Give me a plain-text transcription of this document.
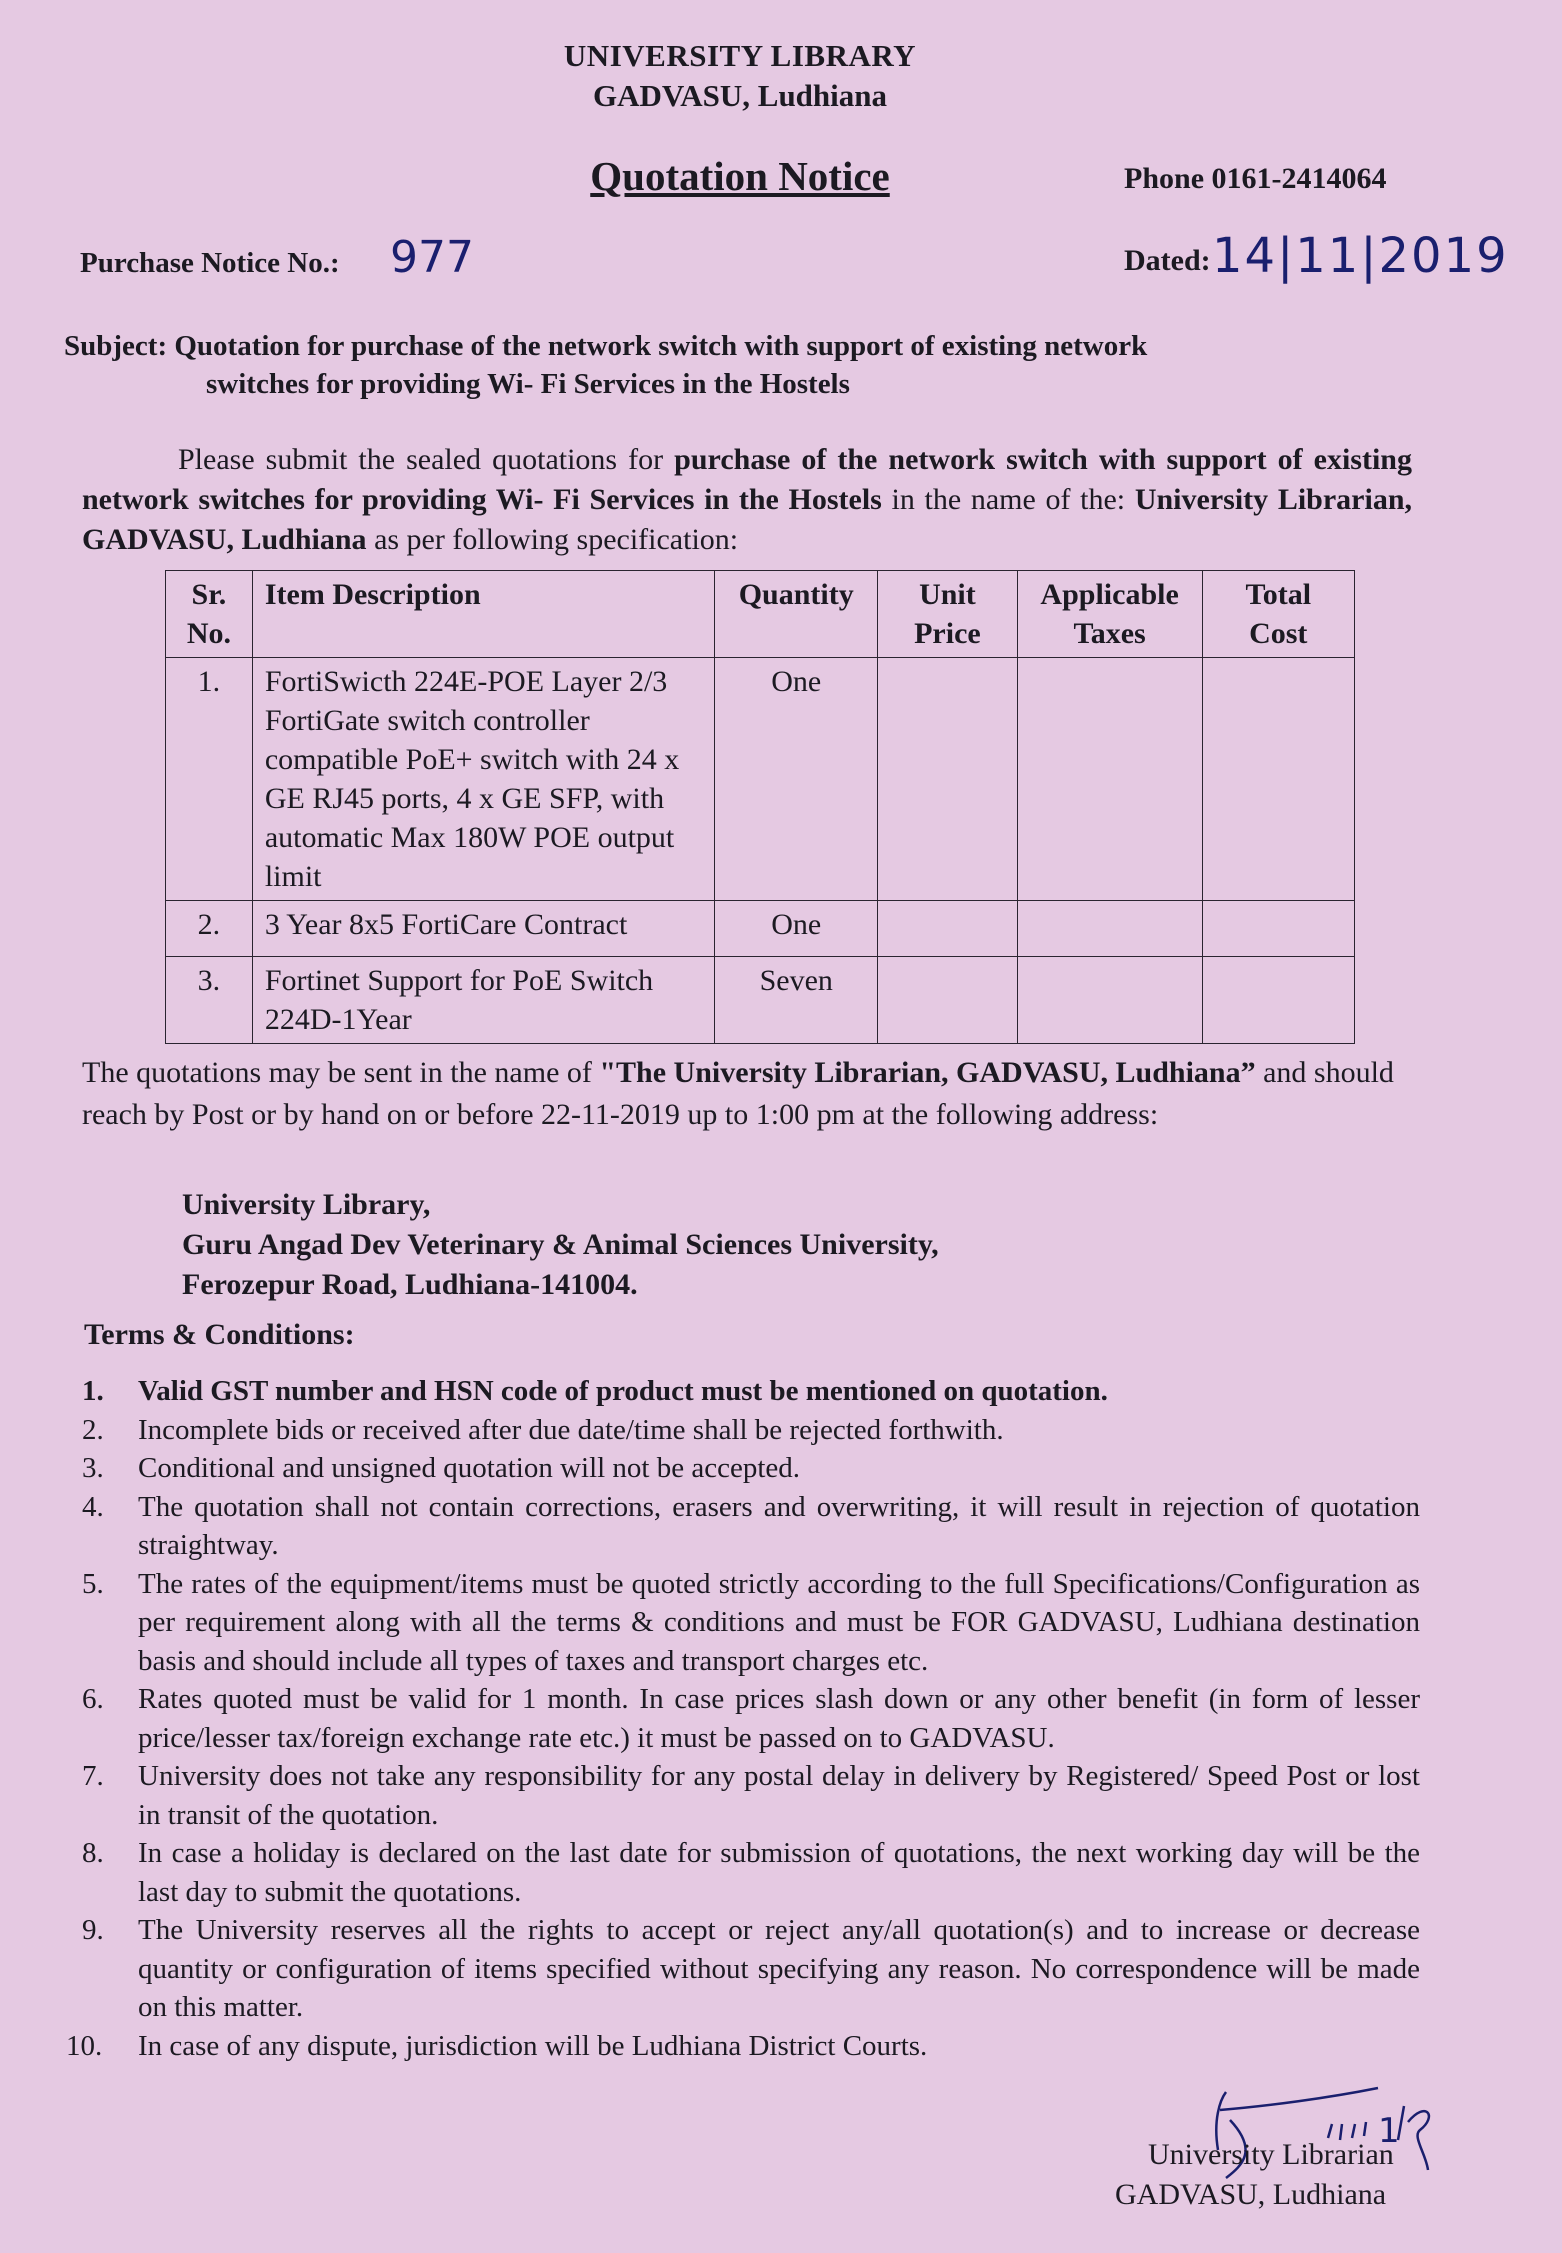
UNIVERSITY LIBRARY
GADVASU, Ludhiana
Quotation Notice	Phone 0161-2414064
Purchase Notice No.: 977	Dated: 14|11|2019
Subject: Quotation for purchase of the network switch with support of existing network
switches for providing Wi- Fi Services in the Hostels
Please submit the sealed quotations for purchase of the network switch with support of existing network switches for providing Wi- Fi Services in the Hostels in the name of the: University Librarian, GADVASU, Ludhiana as per following specification:
Sr. No.	Item Description	Quantity	Unit Price	Applicable Taxes	Total Cost
1.	FortiSwicth 224E-POE Layer 2/3 FortiGate switch controller compatible PoE+ switch with 24 x GE RJ45 ports, 4 x GE SFP, with automatic Max 180W POE output limit	One			
2.	3 Year 8x5 FortiCare Contract	One			
3.	Fortinet Support for PoE Switch 224D-1Year	Seven			
The quotations may be sent in the name of "The University Librarian, GADVASU, Ludhiana” and should reach by Post or by hand on or before 22-11-2019 up to 1:00 pm at the following address:
University Library,
Guru Angad Dev Veterinary & Animal Sciences University,
Ferozepur Road, Ludhiana-141004.
Terms & Conditions:
1. Valid GST number and HSN code of product must be mentioned on quotation.
2. Incomplete bids or received after due date/time shall be rejected forthwith.
3. Conditional and unsigned quotation will not be accepted.
4. The quotation shall not contain corrections, erasers and overwriting, it will result in rejection of quotation straightway.
5. The rates of the equipment/items must be quoted strictly according to the full Specifications/Configuration as per requirement along with all the terms & conditions and must be FOR GADVASU, Ludhiana destination basis and should include all types of taxes and transport charges etc.
6. Rates quoted must be valid for 1 month. In case prices slash down or any other benefit (in form of lesser price/lesser tax/foreign exchange rate etc.) it must be passed on to GADVASU.
7. University does not take any responsibility for any postal delay in delivery by Registered/ Speed Post or lost in transit of the quotation.
8. In case a holiday is declared on the last date for submission of quotations, the next working day will be the last day to submit the quotations.
9. The University reserves all the rights to accept or reject any/all quotation(s) and to increase or decrease quantity or configuration of items specified without specifying any reason. No correspondence will be made on this matter.
10. In case of any dispute, jurisdiction will be Ludhiana District Courts.
1
University Librarian
GADVASU, Ludhiana
